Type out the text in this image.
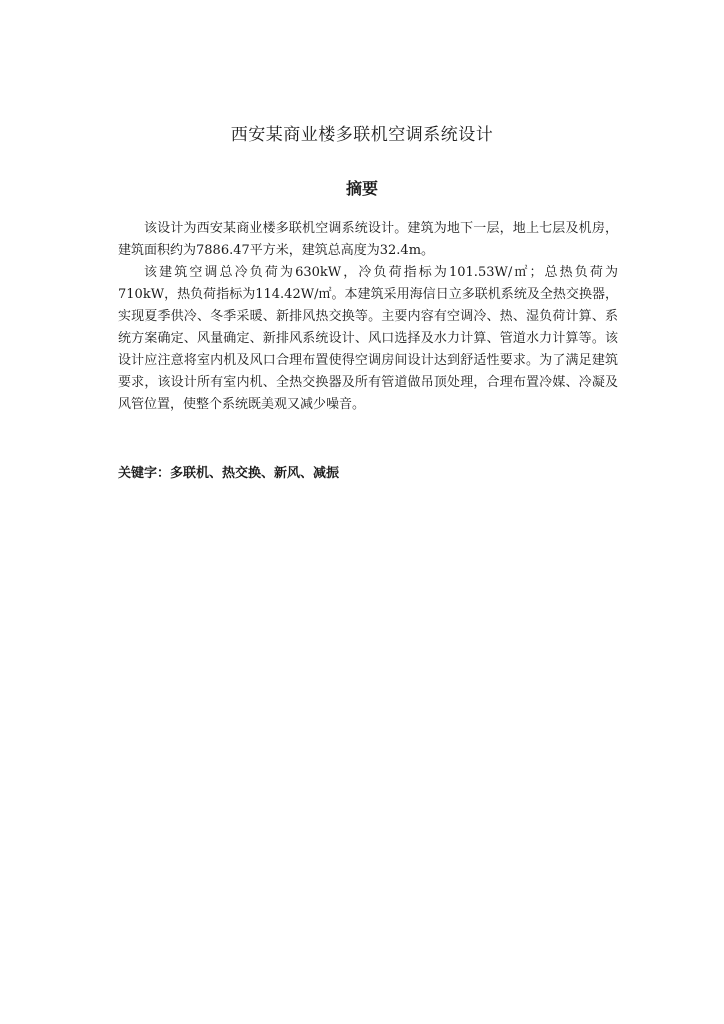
西安某商业楼多联机空调系统设计
摘要

该设计为西安某商业楼多联机空调系统设计。建筑为地下一层，地上七层及机房，建筑面积约为7886.47平方米，建筑总高度为32.4m。

该建筑空调总冷负荷为630kW，冷负荷指标为101.53W/㎡；总热负荷为710kW，热负荷指标为114.42W/㎡。本建筑采用海信日立多联机系统及全热交换器，实现夏季供冷、冬季采暖、新排风热交换等。主要内容有空调冷、热、湿负荷计算、系统方案确定、风量确定、新排风系统设计、风口选择及水力计算、管道水力计算等。该设计应注意将室内机及风口合理布置使得空调房间设计达到舒适性要求。为了满足建筑要求，该设计所有室内机、全热交换器及所有管道做吊顶处理，合理布置冷媒、冷凝及风管位置，使整个系统既美观又减少噪音。

关键字：多联机、热交换、新风、减振
